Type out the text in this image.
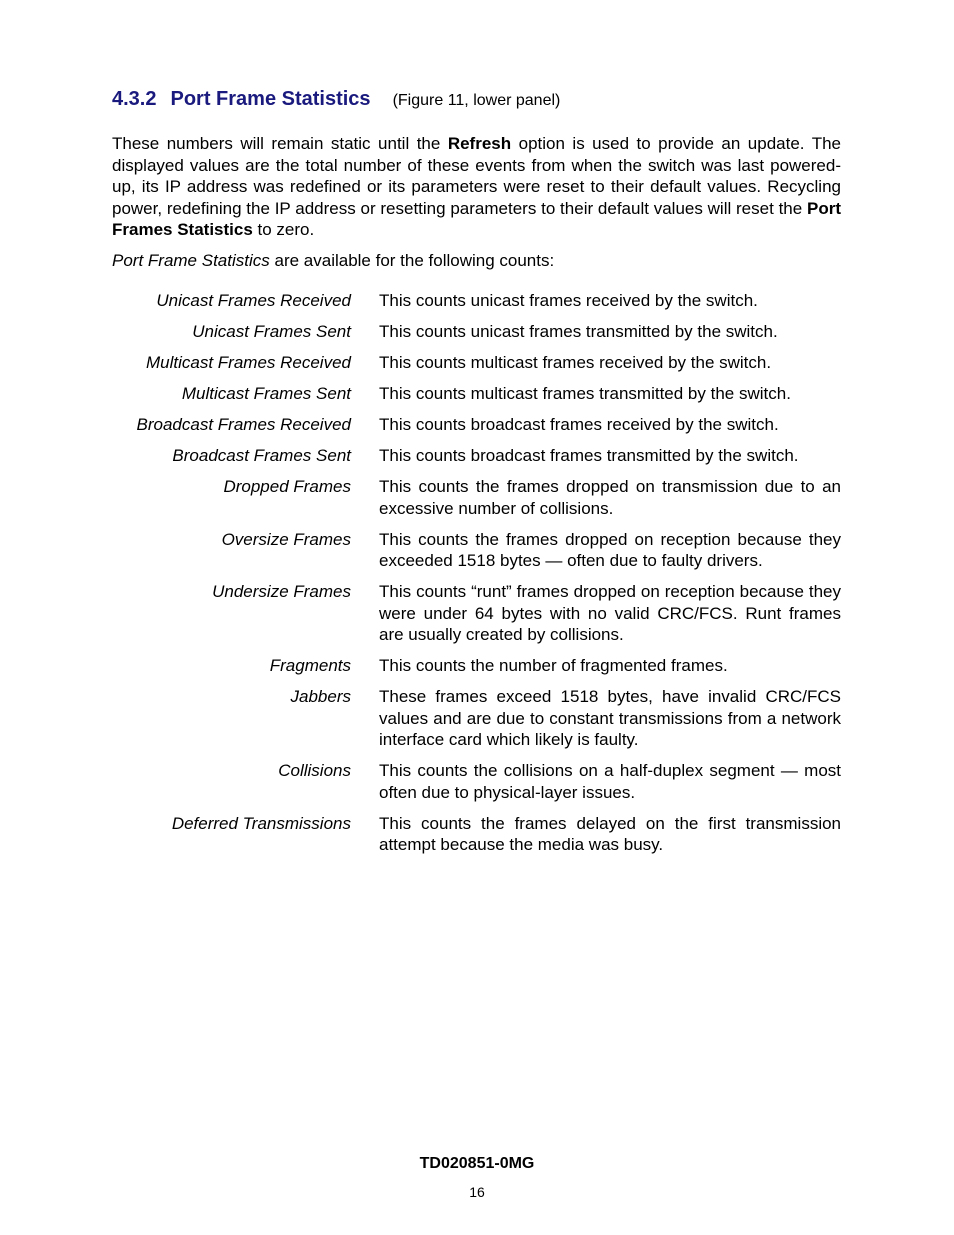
4.3.2 Port Frame Statistics (Figure 11, lower panel)

These numbers will remain static until the Refresh option is used to provide an update. The displayed values are the total number of these events from when the switch was last powered-up, its IP address was redefined or its parameters were reset to their default values. Recycling power, redefining the IP address or resetting parameters to their default values will reset the Port Frames Statistics to zero.

Port Frame Statistics are available for the following counts:

Unicast Frames Received This counts unicast frames received by the switch.
Unicast Frames Sent This counts unicast frames transmitted by the switch.
Multicast Frames Received This counts multicast frames received by the switch.
Multicast Frames Sent This counts multicast frames transmitted by the switch.
Broadcast Frames Received This counts broadcast frames received by the switch.
Broadcast Frames Sent This counts broadcast frames transmitted by the switch.
Dropped Frames This counts the frames dropped on transmission due to an excessive number of collisions.
Oversize Frames This counts the frames dropped on reception because they exceeded 1518 bytes — often due to faulty drivers.
Undersize Frames This counts “runt” frames dropped on reception because they were under 64 bytes with no valid CRC/FCS. Runt frames are usually created by collisions.
Fragments This counts the number of fragmented frames.
Jabbers These frames exceed 1518 bytes, have invalid CRC/FCS values and are due to constant transmissions from a network interface card which likely is faulty.
Collisions This counts the collisions on a half-duplex segment — most often due to physical-layer issues.
Deferred Transmissions This counts the frames delayed on the first transmission attempt because the media was busy.
TD020851-0MG
16
